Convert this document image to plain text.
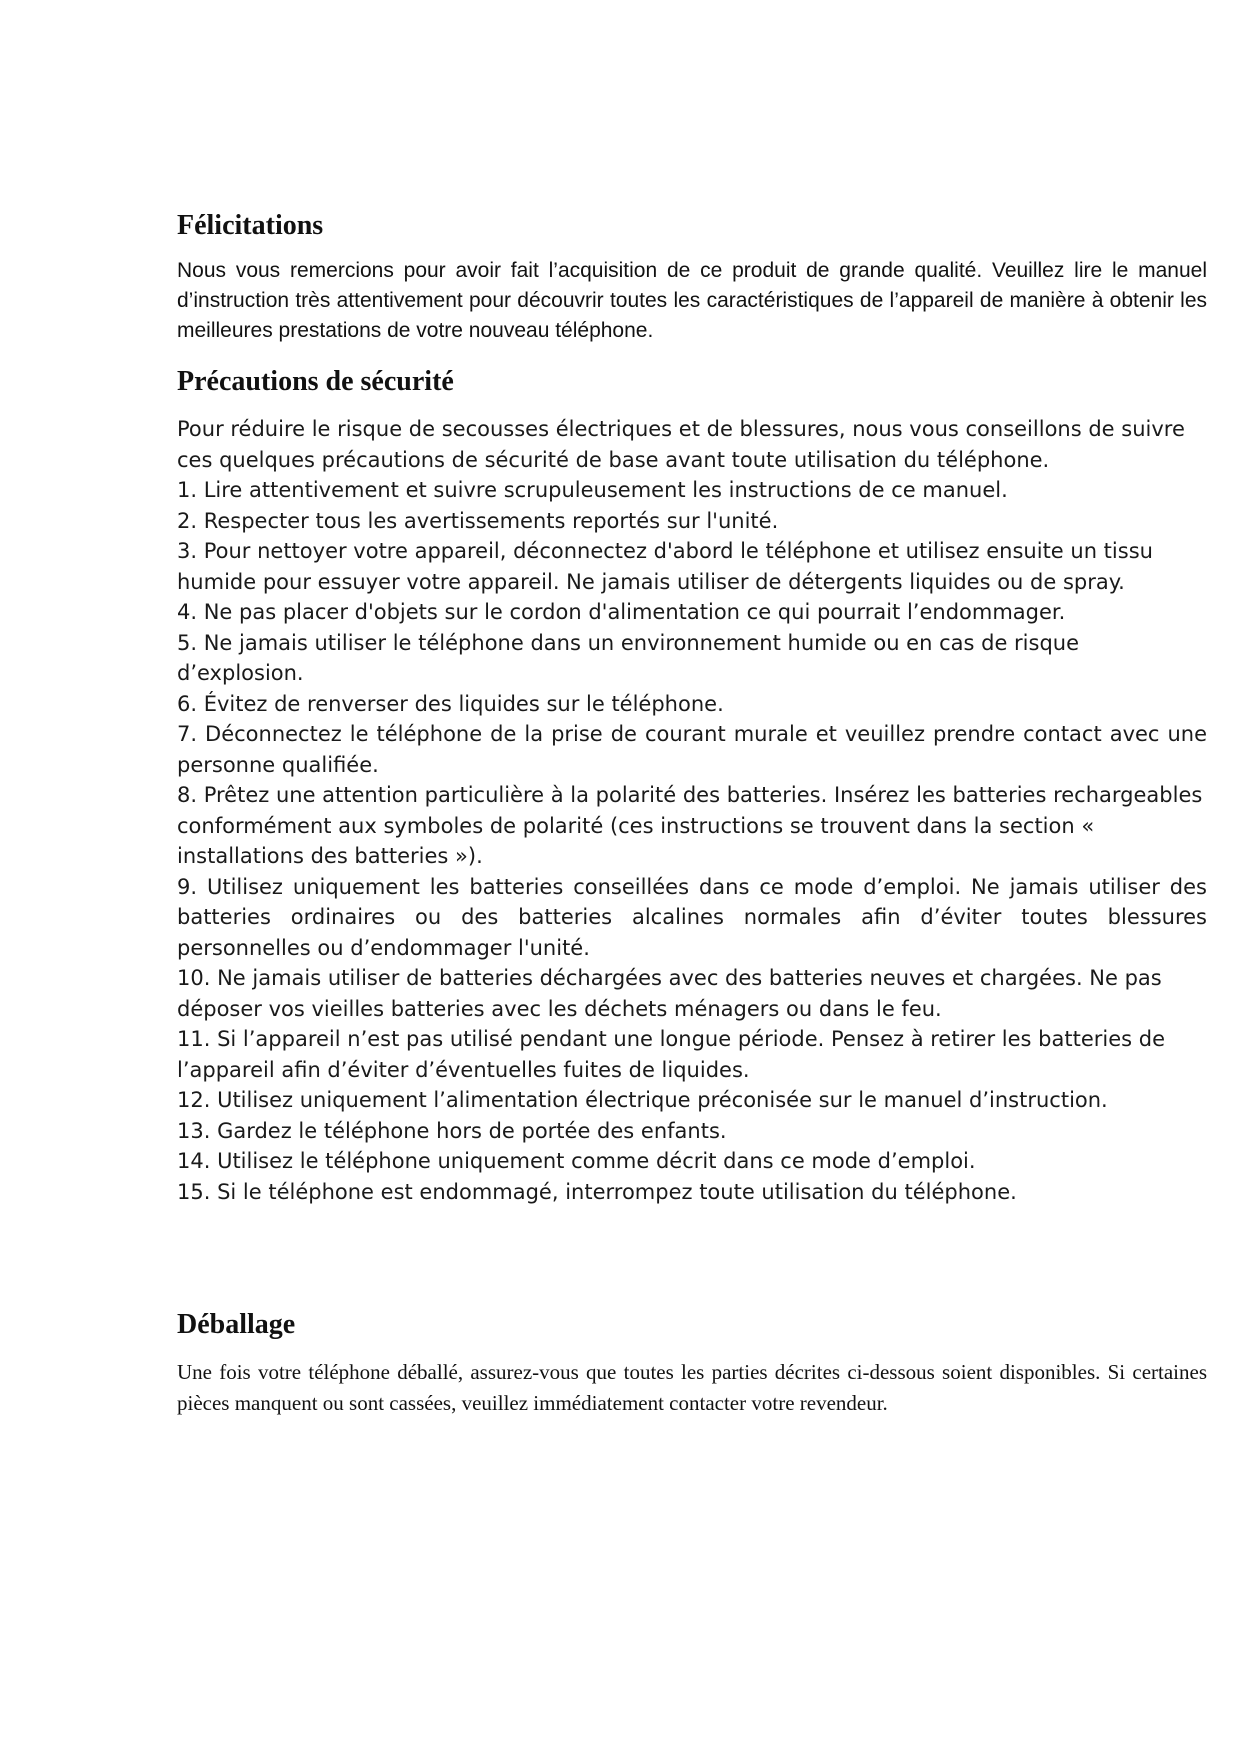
Félicitations

Nous vous remercions pour avoir fait l’acquisition de ce produit de grande qualité. Veuillez lire le manuel d’instruction très attentivement pour découvrir toutes les caractéristiques de l’appareil de manière à obtenir les meilleures prestations de votre nouveau téléphone.

Précautions de sécurité

Pour réduire le risque de secousses électriques et de blessures, nous vous conseillons de suivre ces quelques précautions de sécurité de base avant toute utilisation du téléphone.

1. Lire attentivement et suivre scrupuleusement les instructions de ce manuel.
2. Respecter tous les avertissements reportés sur l'unité.
3. Pour nettoyer votre appareil, déconnectez d'abord le téléphone et utilisez ensuite un tissu humide pour essuyer votre appareil. Ne jamais utiliser de détergents liquides ou de spray.
4. Ne pas placer d'objets sur le cordon d'alimentation ce qui pourrait l’endommager.
5. Ne jamais utiliser le téléphone dans un environnement humide ou en cas de risque d’explosion.
6. Évitez de renverser des liquides sur le téléphone.
7. Déconnectez le téléphone de la prise de courant murale et veuillez prendre contact avec une personne qualifiée.
8. Prêtez une attention particulière à la polarité des batteries. Insérez les batteries rechargeables conformément aux symboles de polarité (ces instructions se trouvent dans la section « installations des batteries »).
9. Utilisez uniquement les batteries conseillées dans ce mode d’emploi. Ne jamais utiliser des batteries ordinaires ou des batteries alcalines normales afin d’éviter toutes blessures personnelles ou d’endommager l'unité.
10. Ne jamais utiliser de batteries déchargées avec des batteries neuves et chargées. Ne pas déposer vos vieilles batteries avec les déchets ménagers ou dans le feu.
11. Si l’appareil n’est pas utilisé pendant une longue période. Pensez à retirer les batteries de l’appareil afin d’éviter d’éventuelles fuites de liquides.
12. Utilisez uniquement l’alimentation électrique préconisée sur le manuel d’instruction.
13. Gardez le téléphone hors de portée des enfants.
14. Utilisez le téléphone uniquement comme décrit dans ce mode d’emploi.
15. Si le téléphone est endommagé, interrompez toute utilisation du téléphone.
Déballage

Une fois votre téléphone déballé, assurez-vous que toutes les parties décrites ci-dessous soient disponibles. Si certaines pièces manquent ou sont cassées, veuillez immédiatement contacter votre revendeur.
